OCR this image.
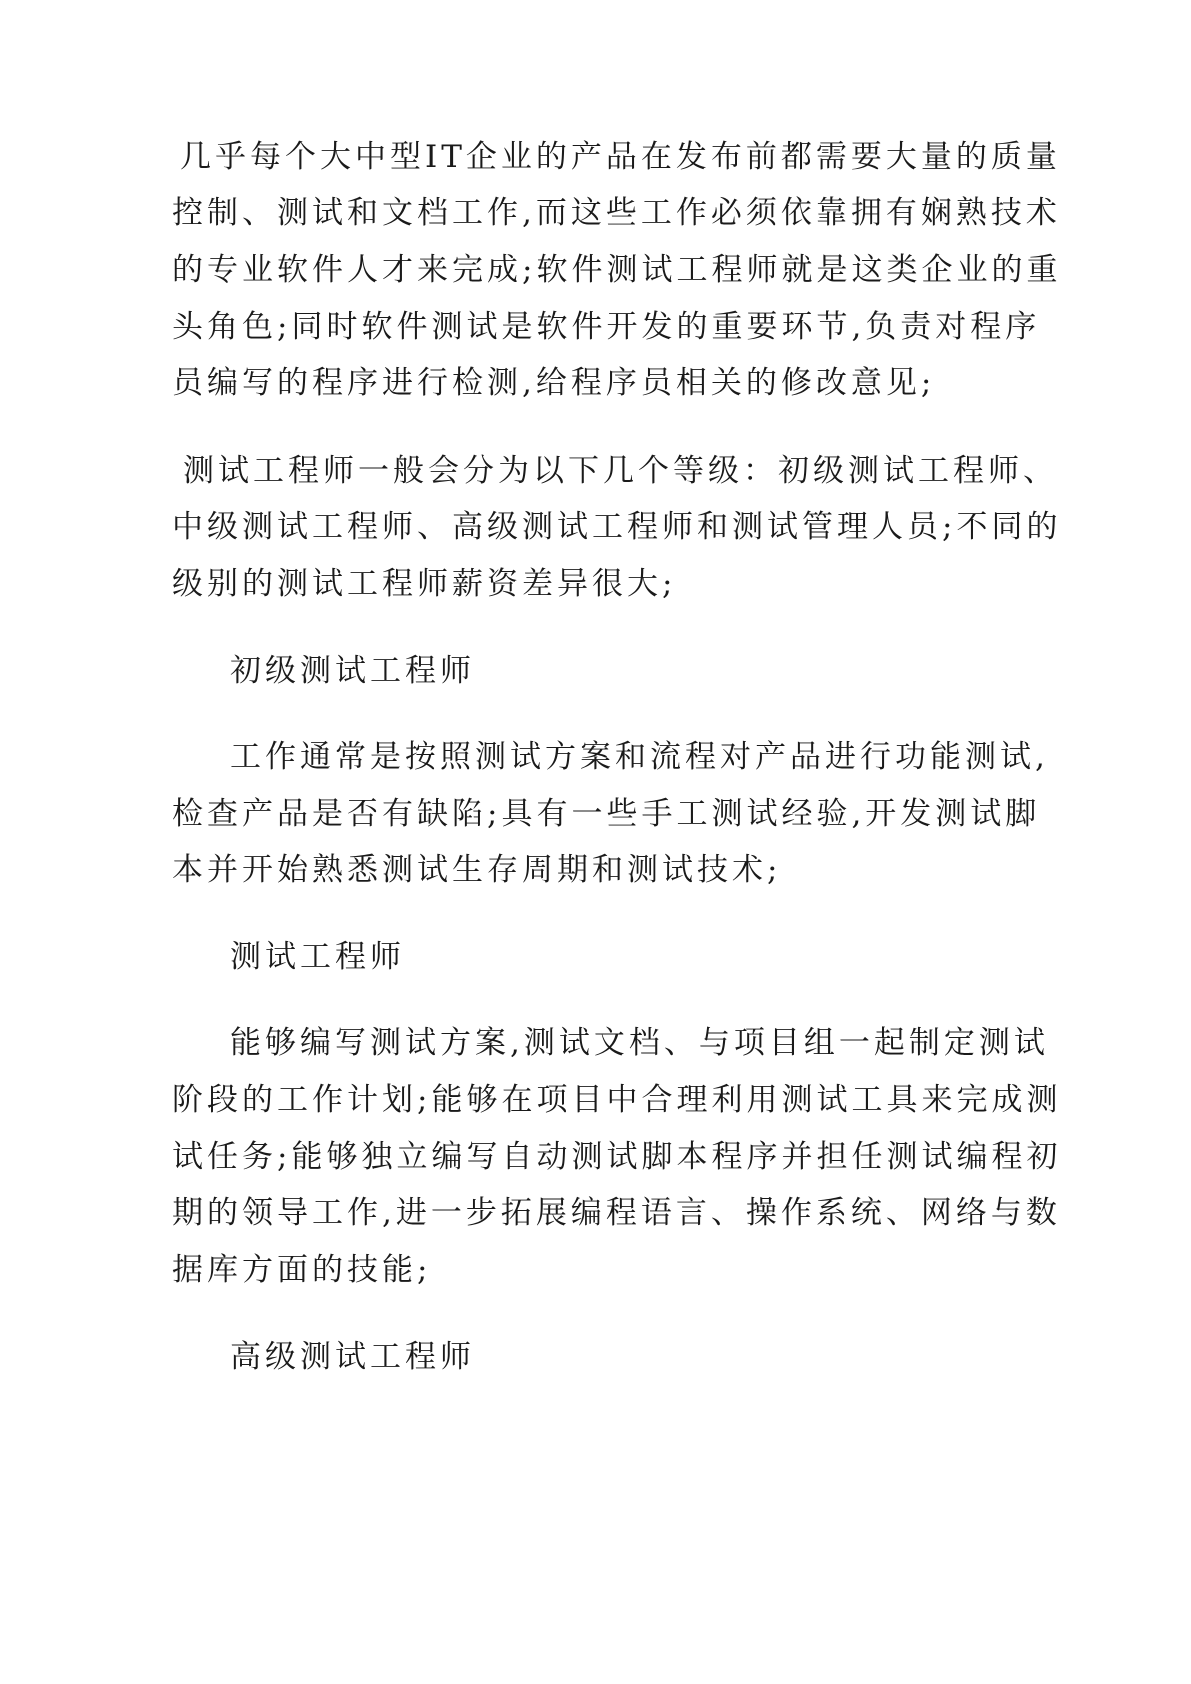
几乎每个大中型IT企业的产品在发布前都需要大量的质量
控制、测试和文档工作,而这些工作必须依靠拥有娴熟技术
的专业软件人才来完成;软件测试工程师就是这类企业的重
头角色;同时软件测试是软件开发的重要环节,负责对程序
员编写的程序进行检测,给程序员相关的修改意见;
测试工程师一般会分为以下几个等级：初级测试工程师、
中级测试工程师、高级测试工程师和测试管理人员;不同的
级别的测试工程师薪资差异很大;
初级测试工程师
工作通常是按照测试方案和流程对产品进行功能测试,
检查产品是否有缺陷;具有一些手工测试经验,开发测试脚
本并开始熟悉测试生存周期和测试技术;
测试工程师
能够编写测试方案,测试文档、与项目组一起制定测试
阶段的工作计划;能够在项目中合理利用测试工具来完成测
试任务;能够独立编写自动测试脚本程序并担任测试编程初
期的领导工作,进一步拓展编程语言、操作系统、网络与数
据库方面的技能;
高级测试工程师
